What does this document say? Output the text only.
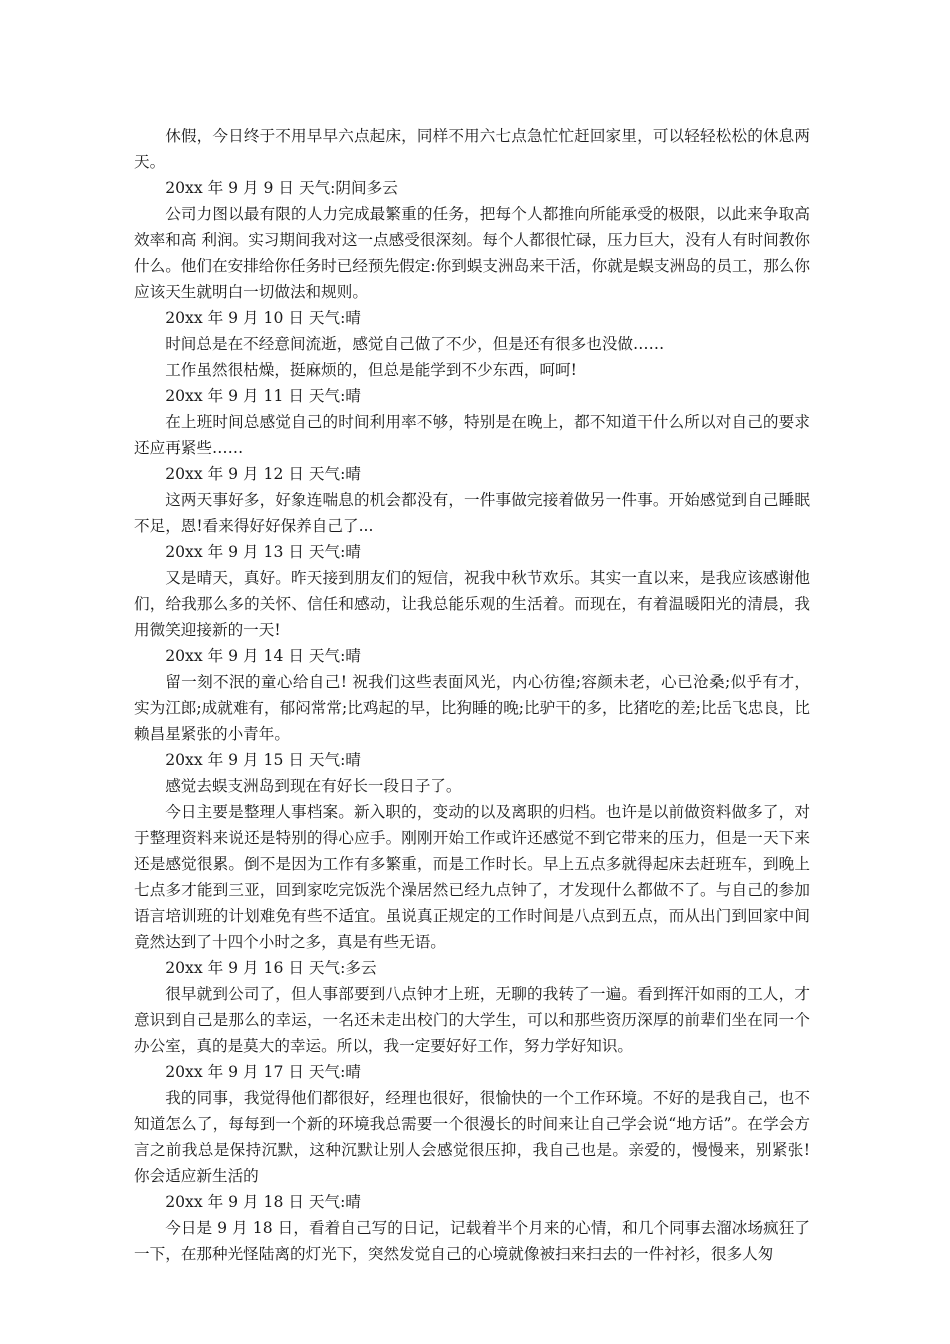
休假，今日终于不用早早六点起床，同样不用六七点急忙忙赶回家里，可以轻轻松松的休息两天。

20xx 年 9 月 9 日 天气:阴间多云

公司力图以最有限的人力完成最繁重的任务，把每个人都推向所能承受的极限，以此来争取高效率和高 利润。实习期间我对这一点感受很深刻。每个人都很忙碌，压力巨大，没有人有时间教你什么。他们在安排给你任务时已经预先假定:你到蜈支洲岛来干活，你就是蜈支洲岛的员工，那么你应该天生就明白一切做法和规则。

20xx 年 9 月 10 日 天气:晴

时间总是在不经意间流逝，感觉自己做了不少，但是还有很多也没做……

工作虽然很枯燥，挺麻烦的，但总是能学到不少东西，呵呵!

20xx 年 9 月 11 日 天气:晴

在上班时间总感觉自己的时间利用率不够，特别是在晚上，都不知道干什么所以对自己的要求还应再紧些……

20xx 年 9 月 12 日 天气:晴

这两天事好多，好象连喘息的机会都没有，一件事做完接着做另一件事。开始感觉到自己睡眠不足，恩!看来得好好保养自己了...

20xx 年 9 月 13 日 天气:晴

又是晴天，真好。昨天接到朋友们的短信，祝我中秋节欢乐。其实一直以来，是我应该感谢他们，给我那么多的关怀、信任和感动，让我总能乐观的生活着。而现在，有着温暖阳光的清晨，我用微笑迎接新的一天!

20xx 年 9 月 14 日 天气:晴

留一刻不泯的童心给自己! 祝我们这些表面风光，内心彷徨;容颜未老，心已沧桑;似乎有才，实为江郎;成就难有，郁闷常常;比鸡起的早，比狗睡的晚;比驴干的多，比猪吃的差;比岳飞忠良，比赖昌星紧张的小青年。

20xx 年 9 月 15 日 天气:晴

感觉去蜈支洲岛到现在有好长一段日子了。

今日主要是整理人事档案。新入职的，变动的以及离职的归档。也许是以前做资料做多了，对于整理资料来说还是特别的得心应手。刚刚开始工作或许还感觉不到它带来的压力，但是一天下来还是感觉很累。倒不是因为工作有多繁重，而是工作时长。早上五点多就得起床去赶班车，到晚上七点多才能到三亚，回到家吃完饭洗个澡居然已经九点钟了，才发现什么都做不了。与自己的参加语言培训班的计划难免有些不适宜。虽说真正规定的工作时间是八点到五点，而从出门到回家中间竟然达到了十四个小时之多，真是有些无语。

20xx 年 9 月 16 日 天气:多云

很早就到公司了，但人事部要到八点钟才上班，无聊的我转了一遍。看到挥汗如雨的工人，才意识到自己是那么的幸运，一名还未走出校门的大学生，可以和那些资历深厚的前辈们坐在同一个办公室，真的是莫大的幸运。所以，我一定要好好工作，努力学好知识。

20xx 年 9 月 17 日 天气:晴

我的同事，我觉得他们都很好，经理也很好，很愉快的一个工作环境。不好的是我自己，也不知道怎么了，每每到一个新的环境我总需要一个很漫长的时间来让自己学会说“地方话”。在学会方言之前我总是保持沉默，这种沉默让别人会感觉很压抑，我自己也是。亲爱的，慢慢来，别紧张!你会适应新生活的

20xx 年 9 月 18 日 天气:晴

今日是 9 月 18 日，看着自己写的日记，记载着半个月来的心情，和几个同事去溜冰场疯狂了一下，在那种光怪陆离的灯光下，突然发觉自己的心境就像被扫来扫去的一件衬衫，很多人匆
